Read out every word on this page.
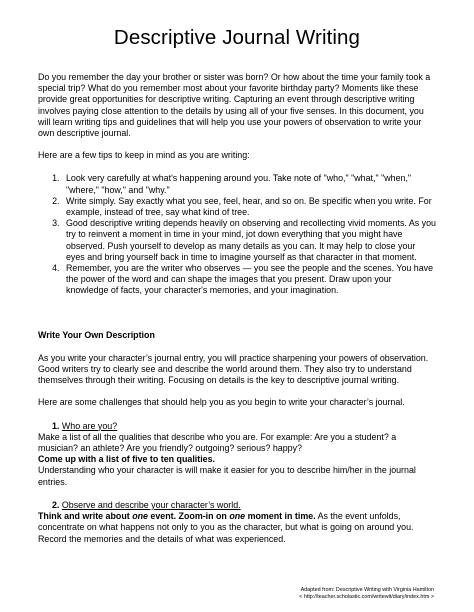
Descriptive Journal Writing

Do you remember the day your brother or sister was born? Or how about the time your family took a special trip? What do you remember most about your favorite birthday party? Moments like these provide great opportunities for descriptive writing. Capturing an event through descriptive writing involves paying close attention to the details by using all of your five senses. In this document, you will learn writing tips and guidelines that will help you use your powers of observation to write your own descriptive journal.

Here are a few tips to keep in mind as you are writing:

1. Look very carefully at what's happening around you. Take note of "who," "what," "when," "where," "how," and "why."
2. Write simply. Say exactly what you see, feel, hear, and so on. Be specific when you write. For example, instead of tree, say what kind of tree.
3. Good descriptive writing depends heavily on observing and recollecting vivid moments. As you try to reinvent a moment in time in your mind, jot down everything that you might have observed. Push yourself to develop as many details as you can. It may help to close your eyes and bring yourself back in time to imagine yourself as that character in that moment.
4. Remember, you are the writer who observes — you see the people and the scenes. You have the power of the word and can shape the images that you present. Draw upon your knowledge of facts, your character's memories, and your imagination.

Write Your Own Description

As you write your character’s journal entry, you will practice sharpening your powers of observation. Good writers try to clearly see and describe the world around them. They also try to understand themselves through their writing. Focusing on details is the key to descriptive journal writing.

Here are some challenges that should help you as you begin to write your character’s journal.

1. Who are you?

Make a list of all the qualities that describe who you are. For example: Are you a student? a musician? an athlete? Are you friendly? outgoing? serious? happy?

Come up with a list of five to ten qualities.

Understanding who your character is will make it easier for you to describe him/her in the journal entries.

2. Observe and describe your character’s world.

Think and write about one event. Zoom-in on one moment in time. As the event unfolds, concentrate on what happens not only to you as the character, but what is going on around you. Record the memories and the details of what was experienced.

Adapted from: Descriptive Writing with Virginia Hamilton
< http://teacher.scholastic.com/writewit/diary/index.htm >
